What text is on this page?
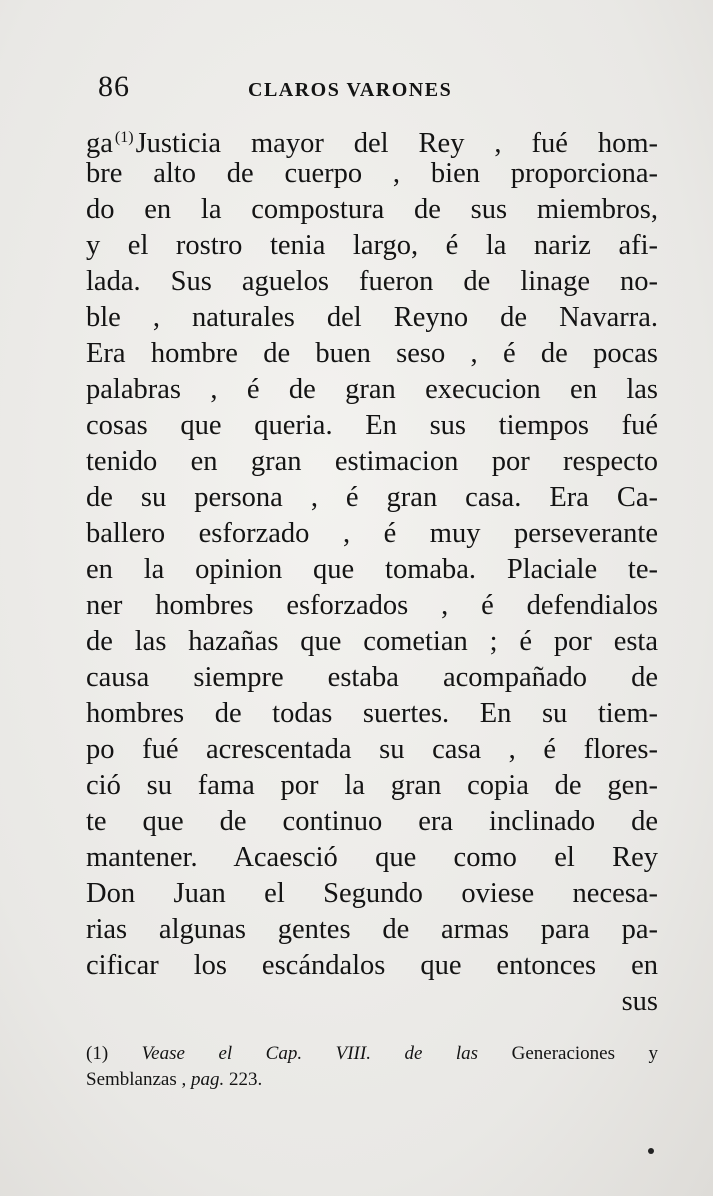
86	CLAROS VARONES
ga $^{(1)}$Justicia mayor del Rey , fué hom-
bre alto de cuerpo , bien proporciona-
do en la compostura de sus miembros,
y el rostro tenia largo, é la nariz afi-
lada. Sus aguelos fueron de linage no-
ble , naturales del Reyno de Navarra.
Era hombre de buen seso , é de pocas
palabras , é de gran execucion en las
cosas que queria. En sus tiempos fué
tenido en gran estimacion por respecto
de su persona , é gran casa. Era Ca-
ballero esforzado , é muy perseverante
en la opinion que tomaba. Placiale te-
ner hombres esforzados , é defendialos
de las hazañas que cometian ; é por esta
causa siempre estaba acompañado de
hombres de todas suertes. En su tiem-
po fué acrescentada su casa , é flores-
ció su fama por la gran copia de gen-
te que de continuo era inclinado de
mantener. Acaesció que como el Rey
Don Juan el Segundo oviese necesa-
rias algunas gentes de armas para pa-
cificar los escándalos que entonces en
sus
(1) Vease el Cap. VIII. de las Generaciones y
Semblanzas , pag. 223.
